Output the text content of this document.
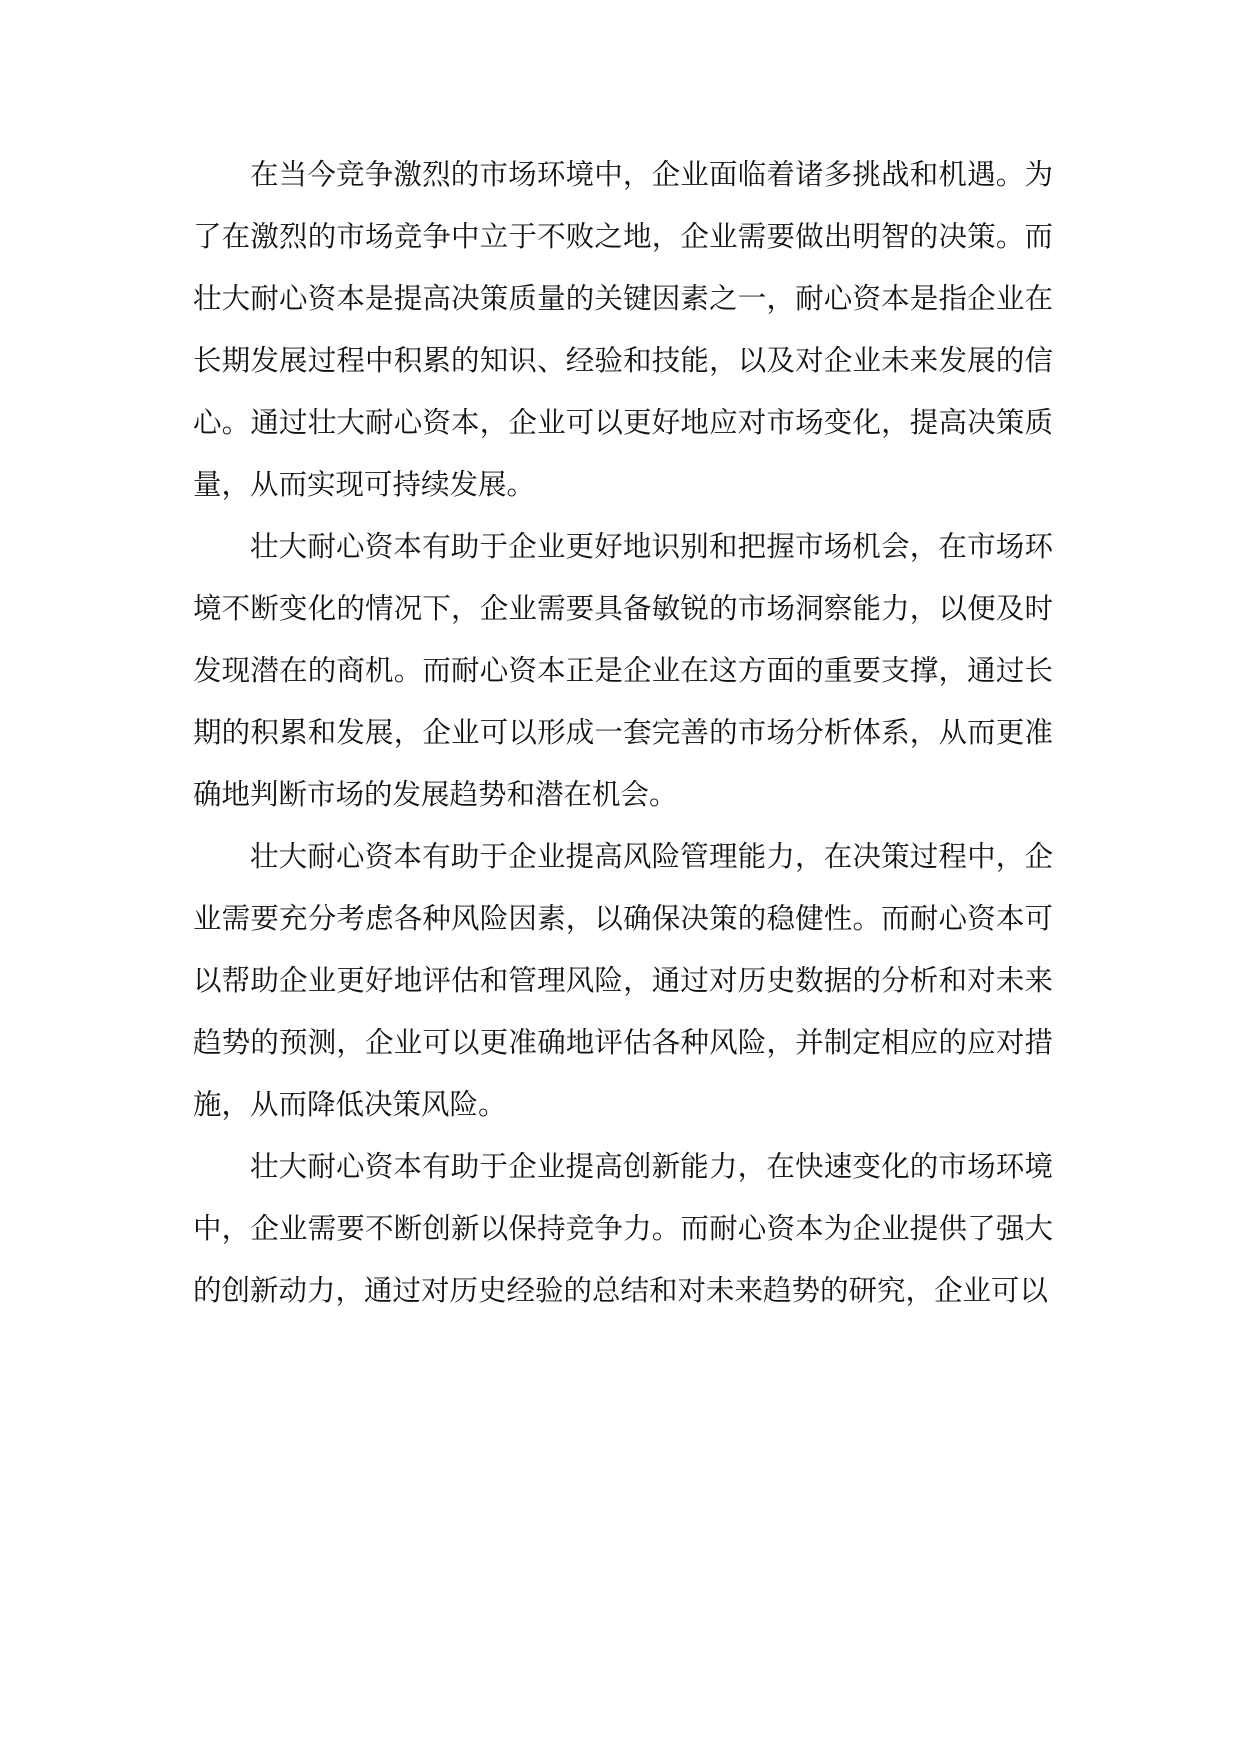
在当今竞争激烈的市场环境中，企业面临着诸多挑战和机遇。为了在激烈的市场竞争中立于不败之地，企业需要做出明智的决策。而壮大耐心资本是提高决策质量的关键因素之一，耐心资本是指企业在长期发展过程中积累的知识、经验和技能，以及对企业未来发展的信心。通过壮大耐心资本，企业可以更好地应对市场变化，提高决策质量，从而实现可持续发展。

壮大耐心资本有助于企业更好地识别和把握市场机会，在市场环境不断变化的情况下，企业需要具备敏锐的市场洞察能力，以便及时发现潜在的商机。而耐心资本正是企业在这方面的重要支撑，通过长期的积累和发展，企业可以形成一套完善的市场分析体系，从而更准确地判断市场的发展趋势和潜在机会。

壮大耐心资本有助于企业提高风险管理能力，在决策过程中，企业需要充分考虑各种风险因素，以确保决策的稳健性。而耐心资本可以帮助企业更好地评估和管理风险，通过对历史数据的分析和对未来趋势的预测，企业可以更准确地评估各种风险，并制定相应的应对措施，从而降低决策风险。

壮大耐心资本有助于企业提高创新能力，在快速变化的市场环境中，企业需要不断创新以保持竞争力。而耐心资本为企业提供了强大的创新动力，通过对历史经验的总结和对未来趋势的研究，企业可以
